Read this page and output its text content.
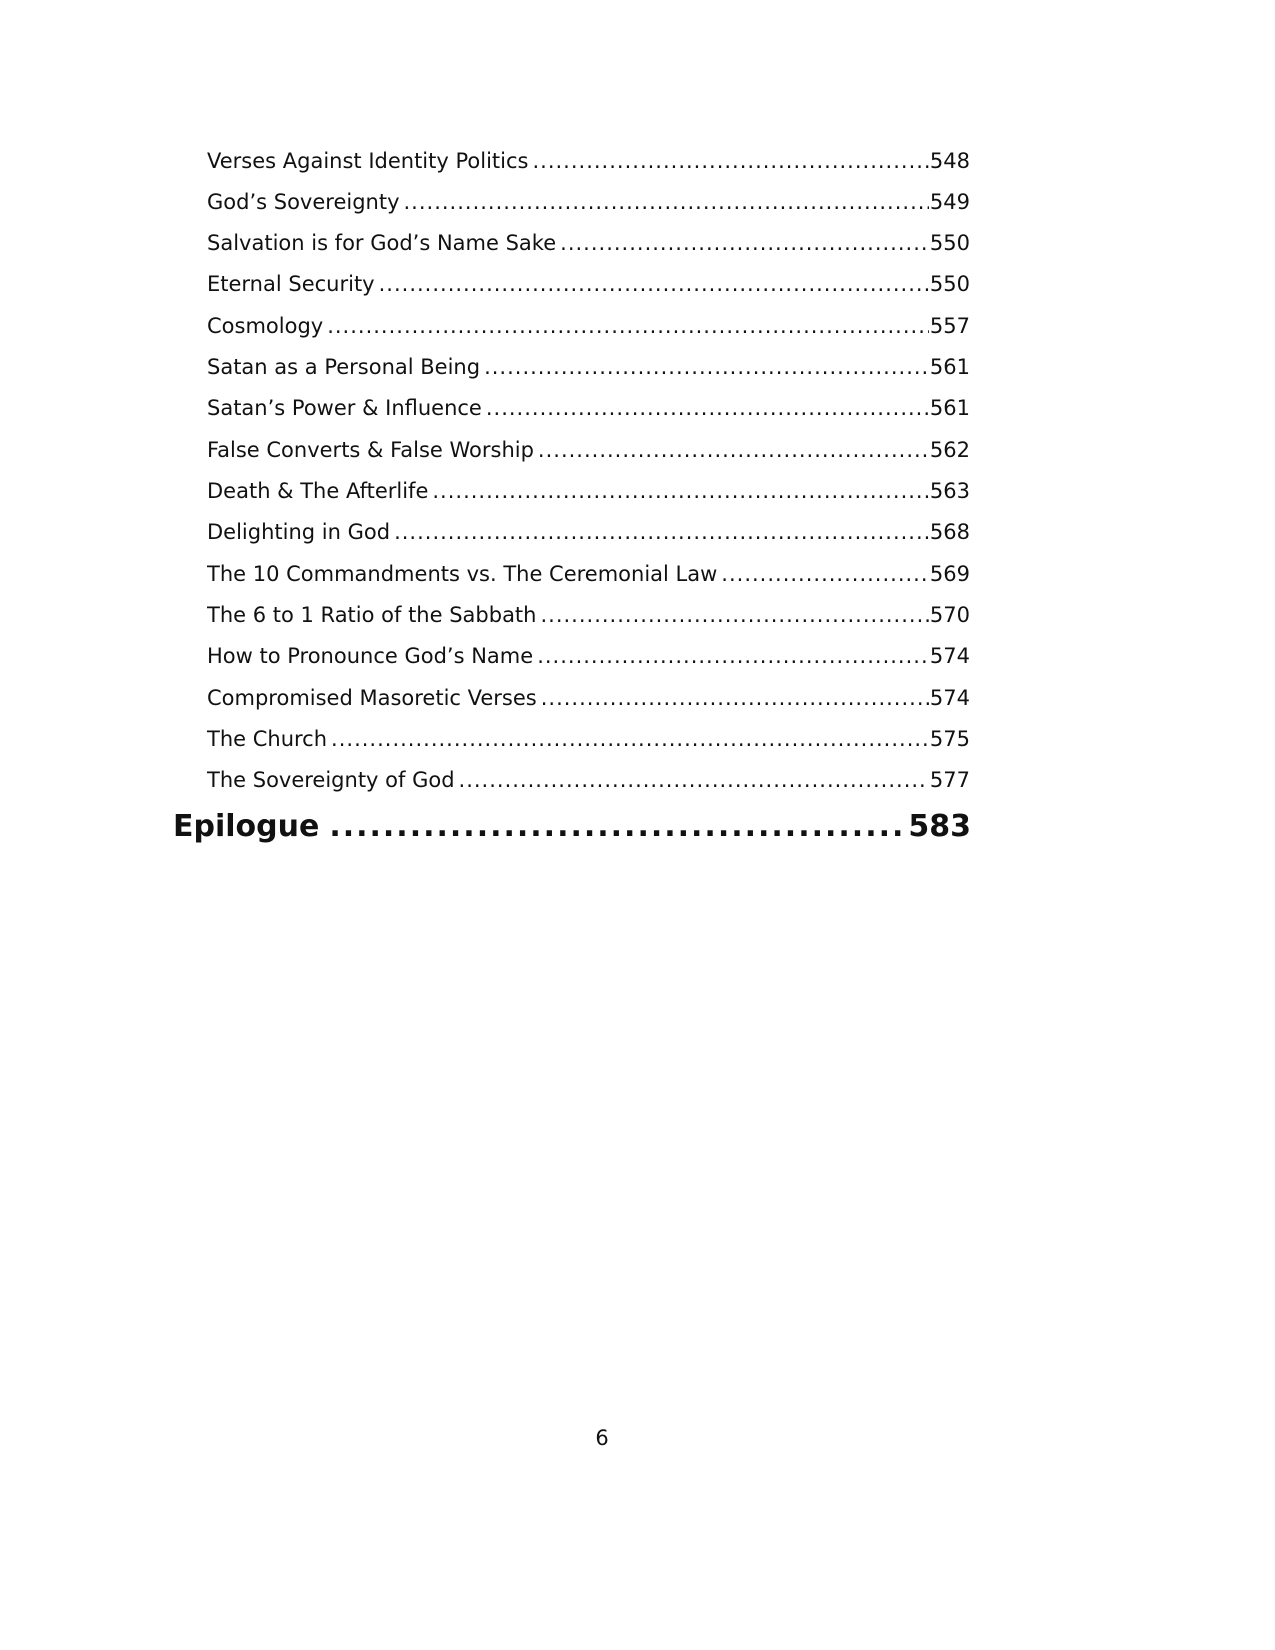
Verses Against Identity Politics .....	548
God’s Sovereignty .....	549
Salvation is for God’s Name Sake .....	550
Eternal Security .....	550
Cosmology .....	557
Satan as a Personal Being .....	561
Satan’s Power & Influence .....	561
False Converts & False Worship .....	562
Death & The Afterlife .....	563
Delighting in God .....	568
The 10 Commandments vs. The Ceremonial Law .....	569
The 6 to 1 Ratio of the Sabbath .....	570
How to Pronounce God’s Name .....	574
Compromised Masoretic Verses .....	574
The Church .....	575
The Sovereignty of God .....	577
Epilogue .....	583
6
